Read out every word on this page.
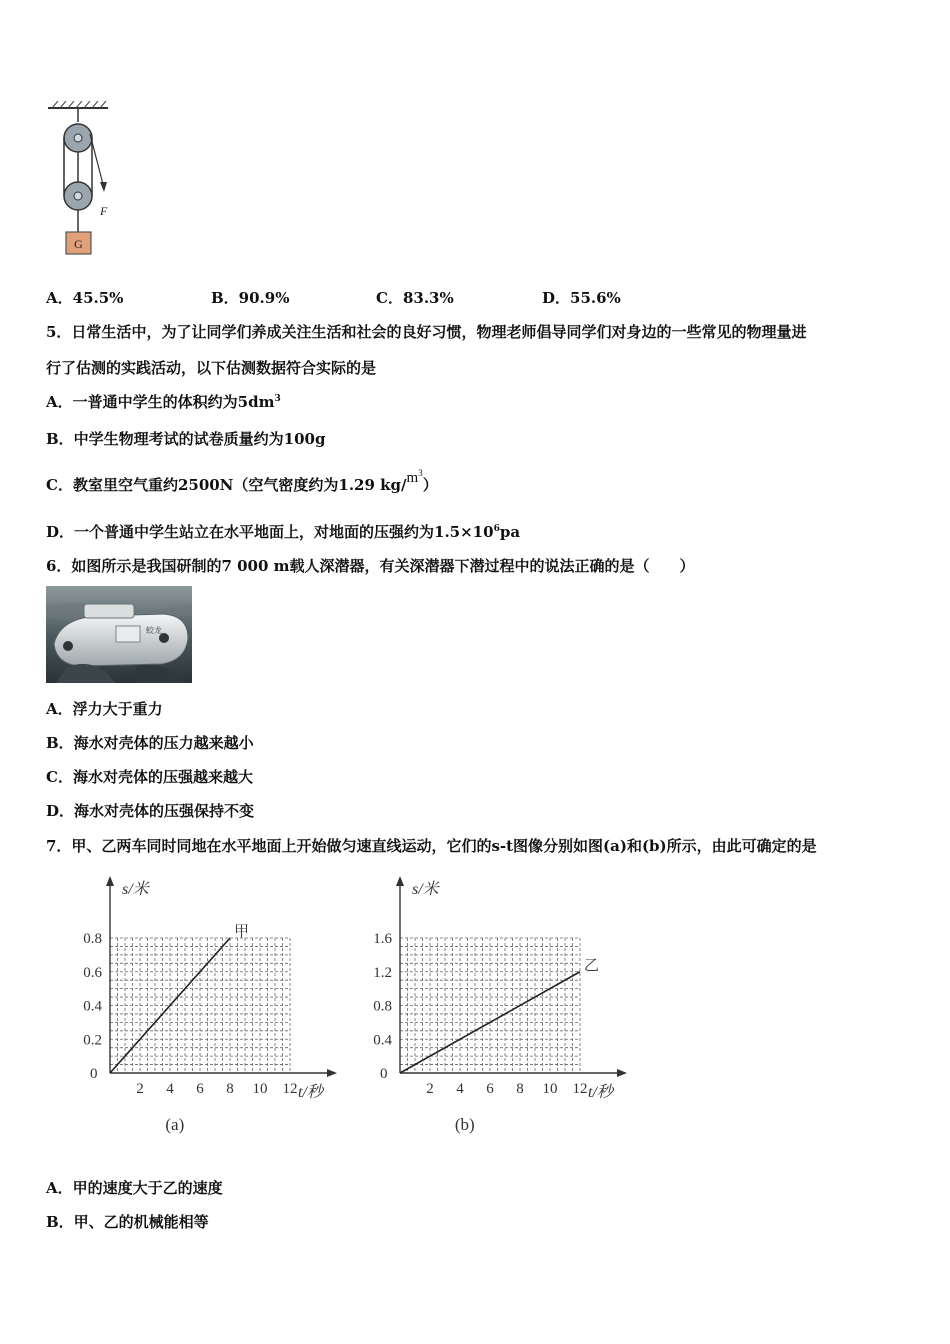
G
F
A．45.5%	B．90.9%	C．83.3%	D．55.6%
5．日常生活中，为了让同学们养成关注生活和社会的良好习惯，物理老师倡导同学们对身边的一些常见的物理量进
行了估测的实践活动，以下估测数据符合实际的是
A．一普通中学生的体积约为$5dm^3$
B．中学生物理考试的试卷质量约为100g
C．教室里空气重约2500N（空气密度约为1.29 $kg/m^3$）
D．一个普通中学生站立在水平地面上，对地面的压强约为$1.5\times 10^6pa$
6．如图所示是我国研制的7 000 m载人深潜器，有关深潜器下潜过程中的说法正确的是（　　）
蛟龙
A．浮力大于重力
B．海水对壳体的压力越来越小
C．海水对壳体的压强越来越大
D．海水对壳体的压强保持不变
7．甲、乙两车同时同地在水平地面上开始做匀速直线运动，它们的s-t图像分别如图(a)和(b)所示，由此可确定的是
s/米
t/秒
0
2 4 6 8 10 12
0.8
0.6
0.4
0.2
甲
(a)
s/米
t/秒
0
2 4 6 8 10 12
1.6
1.2
0.8
0.4
乙
(b)
A．甲的速度大于乙的速度
B．甲、乙的机械能相等
